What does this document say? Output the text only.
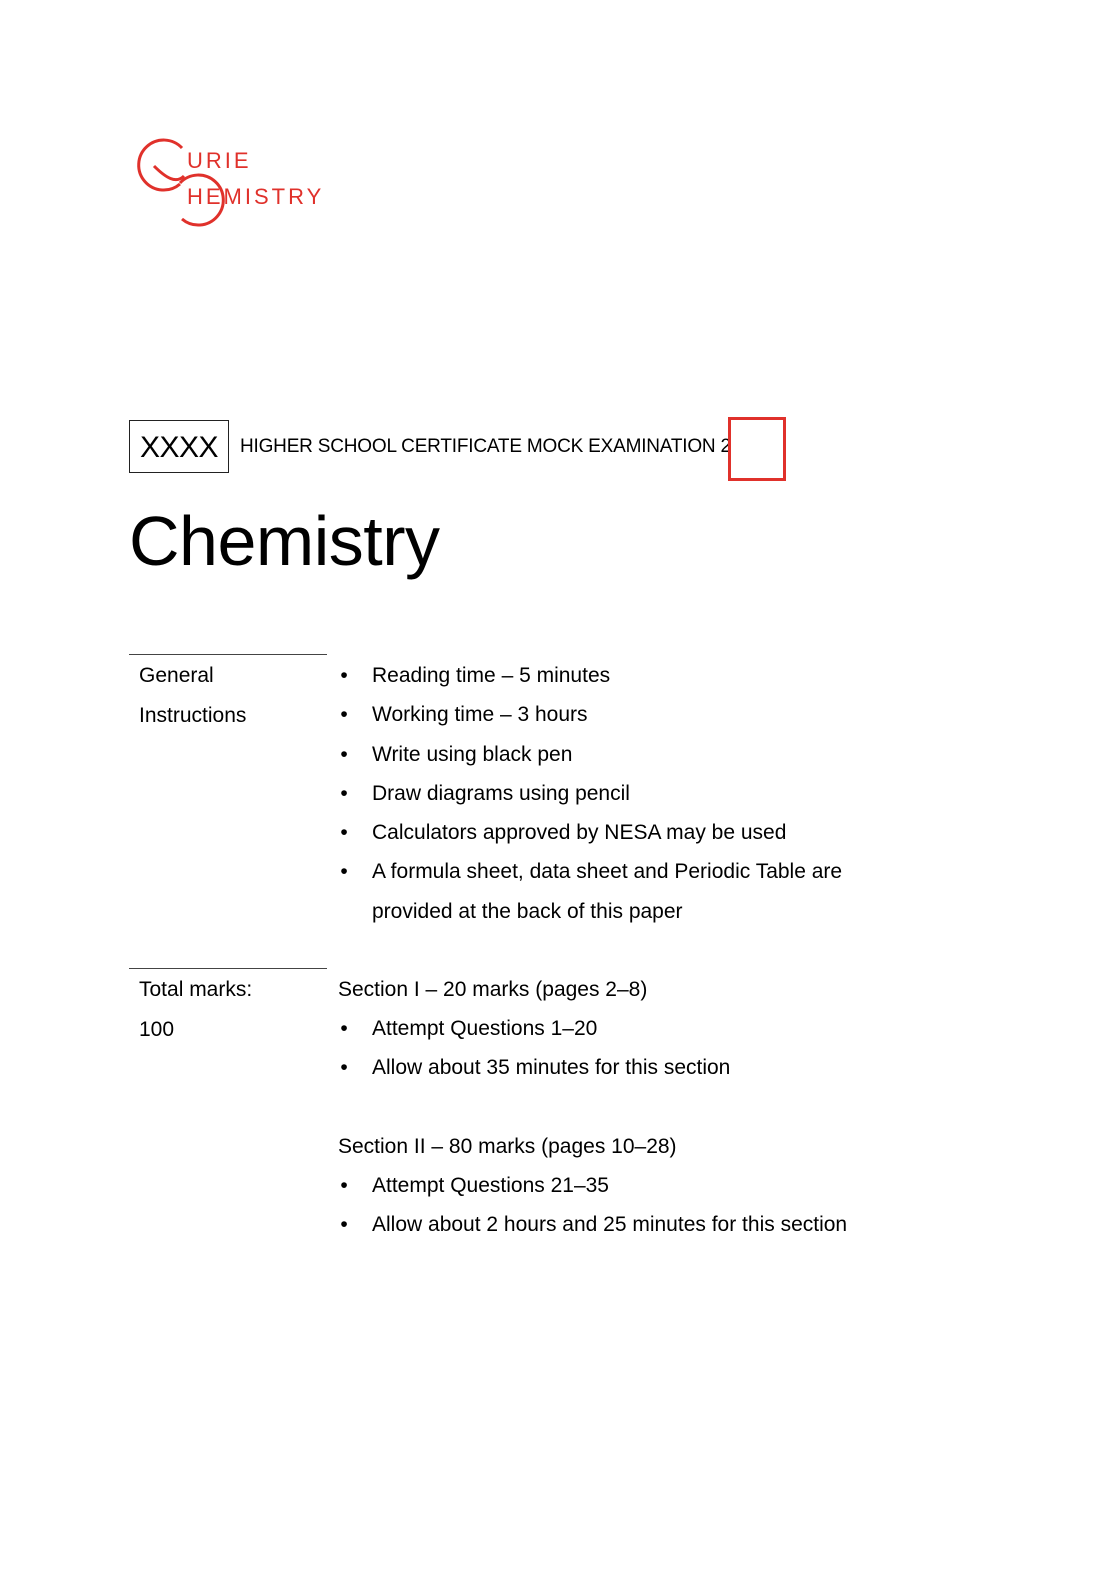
URIE
HEMISTRY
XXXX	HIGHER SCHOOL CERTIFICATE MOCK EXAMINATION 2
Chemistry
General
Instructions
• Reading time – 5 minutes
• Working time – 3 hours
• Write using black pen
• Draw diagrams using pencil
• Calculators approved by NESA may be used
• A formula sheet, data sheet and Periodic Table are provided at the back of this paper
Total marks:
100
Section I – 20 marks (pages 2–8)
• Attempt Questions 1–20
• Allow about 35 minutes for this section
Section II – 80 marks (pages 10–28)
• Attempt Questions 21–35
• Allow about 2 hours and 25 minutes for this section
